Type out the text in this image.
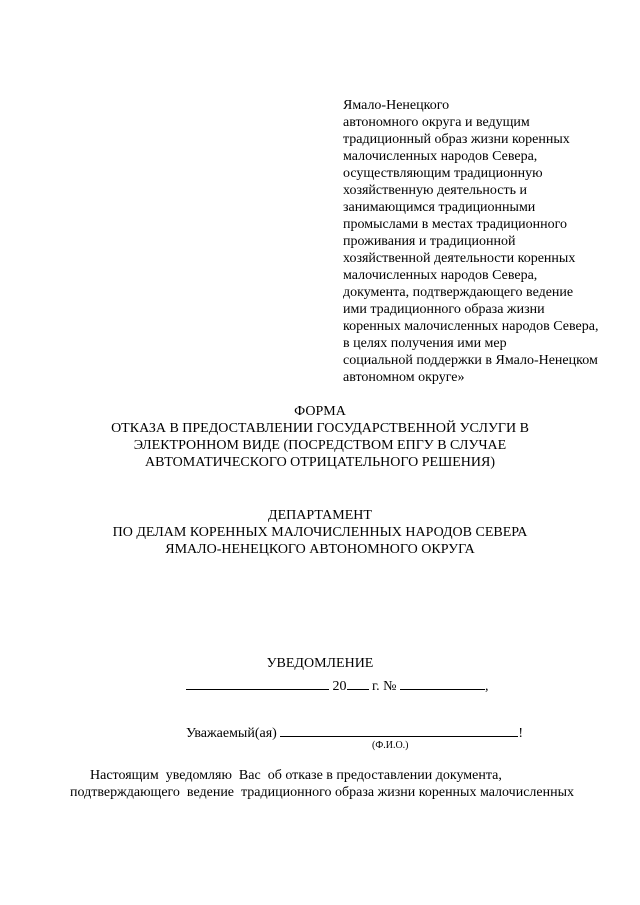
Ямало-Ненецкого
автономного округа и ведущим
традиционный образ жизни коренных
малочисленных народов Севера,
осуществляющим традиционную
хозяйственную деятельность и
занимающимся традиционными
промыслами в местах традиционного
проживания и традиционной
хозяйственной деятельности коренных
малочисленных народов Севера,
документа, подтверждающего ведение
ими традиционного образа жизни
коренных малочисленных народов Севера,
в целях получения ими мер
социальной поддержки в Ямало-Ненецком
автономном округе»
ФОРМА
ОТКАЗА В ПРЕДОСТАВЛЕНИИ ГОСУДАРСТВЕННОЙ УСЛУГИ В
ЭЛЕКТРОННОМ ВИДЕ (ПОСРЕДСТВОМ ЕПГУ В СЛУЧАЕ
АВТОМАТИЧЕСКОГО ОТРИЦАТЕЛЬНОГО РЕШЕНИЯ)
ДЕПАРТАМЕНТ
ПО ДЕЛАМ КОРЕННЫХ МАЛОЧИСЛЕННЫХ НАРОДОВ СЕВЕРА
ЯМАЛО-НЕНЕЦКОГО АВТОНОМНОГО ОКРУГА
УВЕДОМЛЕНИЕ
20 г. №	,
Уважаемый(ая)	!
(Ф.И.О.)
Настоящим  уведомляю  Вас  об отказе в предоставлении документа,
подтверждающего  ведение  традиционного образа жизни коренных малочисленных
